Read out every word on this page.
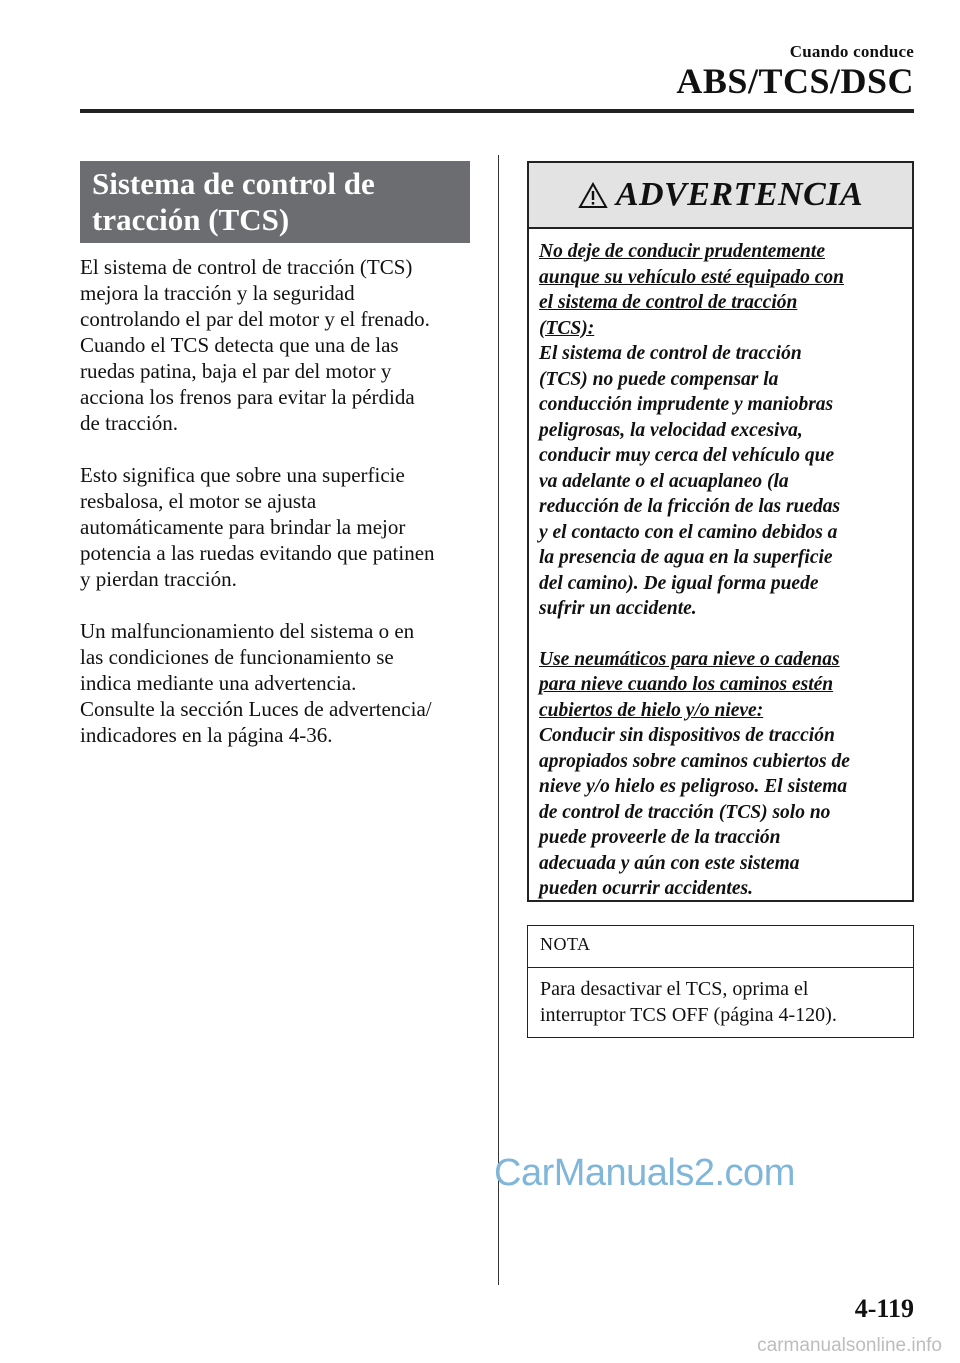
Cuando conduce
ABS/TCS/DSC
Sistema de control de
tracción (TCS)

El sistema de control de tracción (TCS)
mejora la tracción y la seguridad
controlando el par del motor y el frenado.
Cuando el TCS detecta que una de las
ruedas patina, baja el par del motor y
acciona los frenos para evitar la pérdida
de tracción.

Esto significa que sobre una superficie
resbalosa, el motor se ajusta
automáticamente para brindar la mejor
potencia a las ruedas evitando que patinen
y pierdan tracción.

Un malfuncionamiento del sistema o en
las condiciones de funcionamiento se
indica mediante una advertencia.
Consulte la sección Luces de advertencia/
indicadores en la página 4-36.

ADVERTENCIA
No deje de conducir prudentemente
aunque su vehículo esté equipado con
el sistema de control de tracción
(TCS):
El sistema de control de tracción
(TCS) no puede compensar la
conducción imprudente y maniobras
peligrosas, la velocidad excesiva,
conducir muy cerca del vehículo que
va adelante o el acuaplaneo (la
reducción de la fricción de las ruedas
y el contacto con el camino debidos a
la presencia de agua en la superficie
del camino). De igual forma puede
sufrir un accidente.
Use neumáticos para nieve o cadenas
para nieve cuando los caminos estén
cubiertos de hielo y/o nieve:
Conducir sin dispositivos de tracción
apropiados sobre caminos cubiertos de
nieve y/o hielo es peligroso. El sistema
de control de tracción (TCS) solo no
puede proveerle de la tracción
adecuada y aún con este sistema
pueden ocurrir accidentes.
NOTA
Para desactivar el TCS, oprima el
interruptor TCS OFF (página 4-120).
CarManuals2.com
4-119
carmanualsonline.info
